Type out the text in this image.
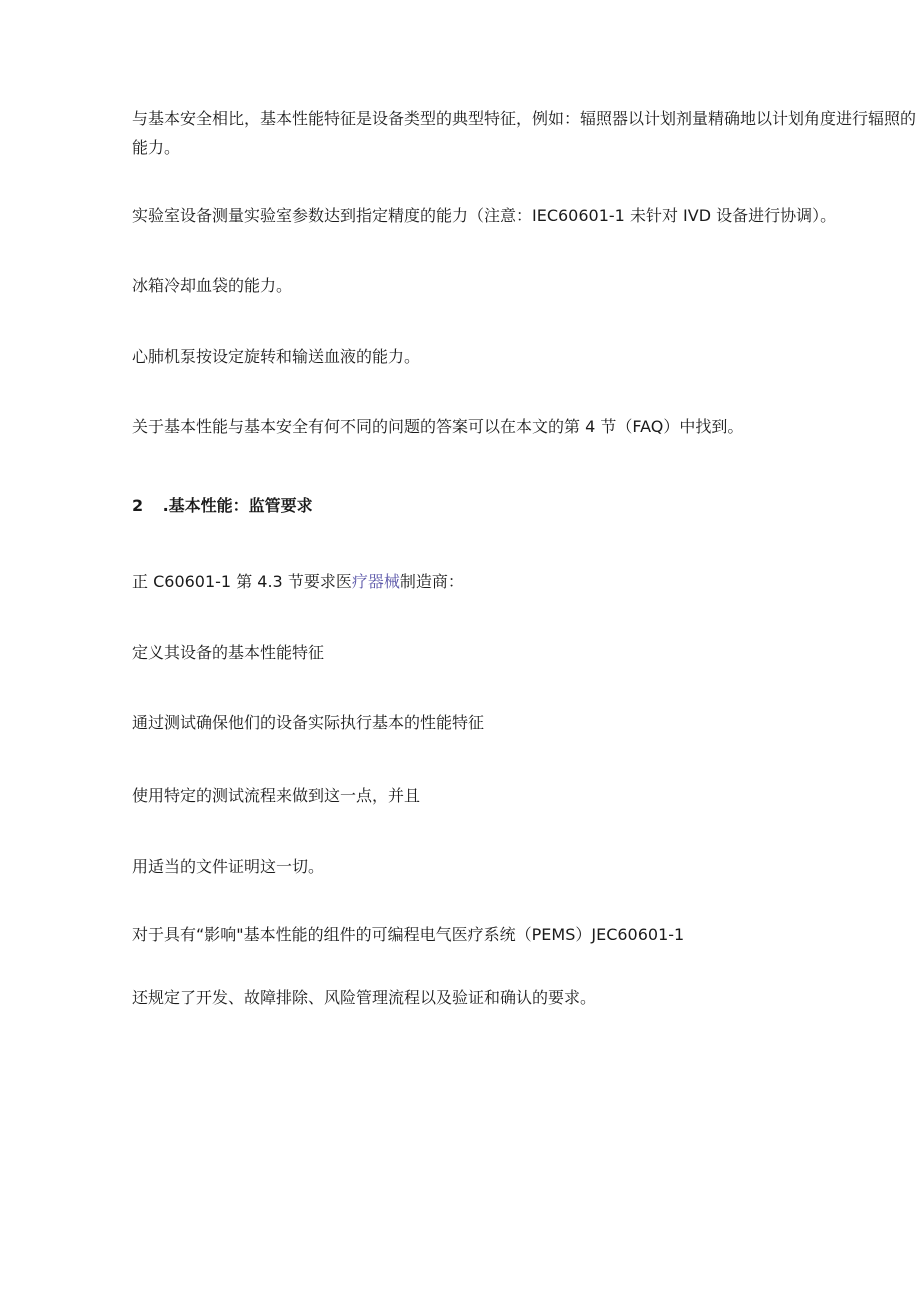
与基本安全相比，基本性能特征是设备类型的典型特征，例如：辐照器以计划剂量精确地以计划角度进行辐照的能力。

实验室设备测量实验室参数达到指定精度的能力（注意：IEC60601-1 未针对 IVD 设备进行协调）。

冰箱冷却血袋的能力。

心肺机泵按设定旋转和输送血液的能力。

关于基本性能与基本安全有何不同的问题的答案可以在本文的第 4 节（FAQ）中找到。

2 .基本性能：监管要求

正 C60601-1 第 4.3 节要求医疗器械制造商：

定义其设备的基本性能特征

通过测试确保他们的设备实际执行基本的性能特征

使用特定的测试流程来做到这一点，并且

用适当的文件证明这一切。

对于具有“影响"基本性能的组件的可编程电气医疗系统（PEMS）JEC60601-1

还规定了开发、故障排除、风险管理流程以及验证和确认的要求。
